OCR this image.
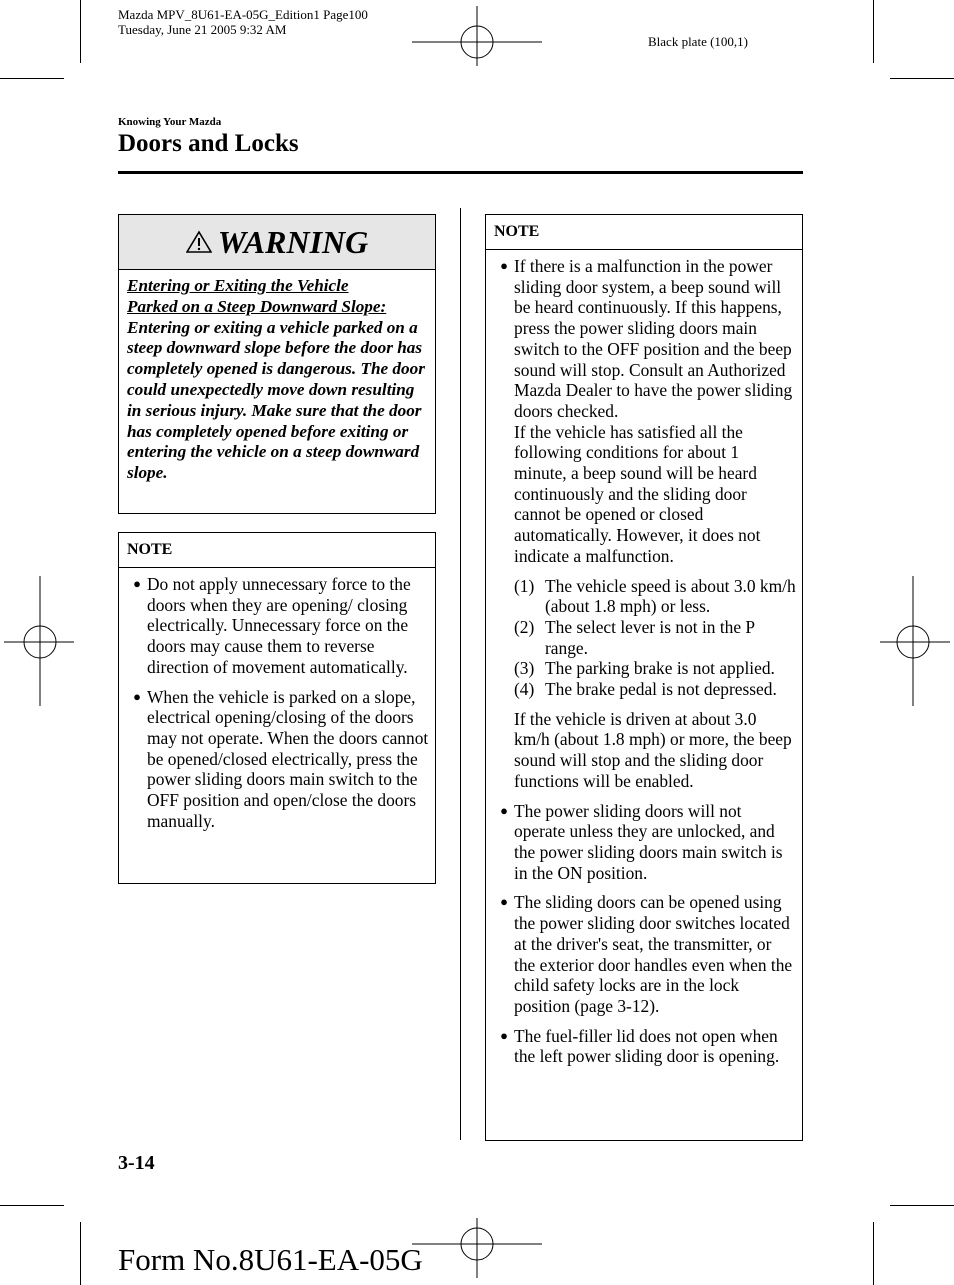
Mazda MPV_8U61-EA-05G_Edition1 Page100
Tuesday, June 21 2005 9:32 AM
Black plate (100,1)
Knowing Your Mazda
Doors and Locks
WARNING
Entering or Exiting the Vehicle
Parked on a Steep Downward Slope:
Entering or exiting a vehicle parked on a steep downward slope before the door has completely opened is dangerous. The door could unexpectedly move down resulting in serious injury. Make sure that the door has completely opened before exiting or entering the vehicle on a steep downward slope.
NOTE
● Do not apply unnecessary force to the doors when they are opening/ closing electrically. Unnecessary force on the doors may cause them to reverse direction of movement automatically.
● When the vehicle is parked on a slope, electrical opening/closing of the doors may not operate. When the doors cannot be opened/closed electrically, press the power sliding doors main switch to the OFF position and open/close the doors manually.
NOTE
● If there is a malfunction in the power sliding door system, a beep sound will be heard continuously. If this happens, press the power sliding doors main switch to the OFF position and the beep sound will stop. Consult an Authorized Mazda Dealer to have the power sliding doors checked.
If the vehicle has satisfied all the following conditions for about 1 minute, a beep sound will be heard continuously and the sliding door cannot be opened or closed automatically. However, it does not indicate a malfunction.
(1) The vehicle speed is about 3.0 km/h (about 1.8 mph) or less.
(2) The select lever is not in the P range.
(3) The parking brake is not applied.
(4) The brake pedal is not depressed.
If the vehicle is driven at about 3.0 km/h (about 1.8 mph) or more, the beep sound will stop and the sliding door functions will be enabled.
● The power sliding doors will not operate unless they are unlocked, and the power sliding doors main switch is in the ON position.
● The sliding doors can be opened using the power sliding door switches located at the driver's seat, the transmitter, or the exterior door handles even when the child safety locks are in the lock position (page 3-12).
● The fuel-filler lid does not open when the left power sliding door is opening.
3-14
Form No.8U61-EA-05G
